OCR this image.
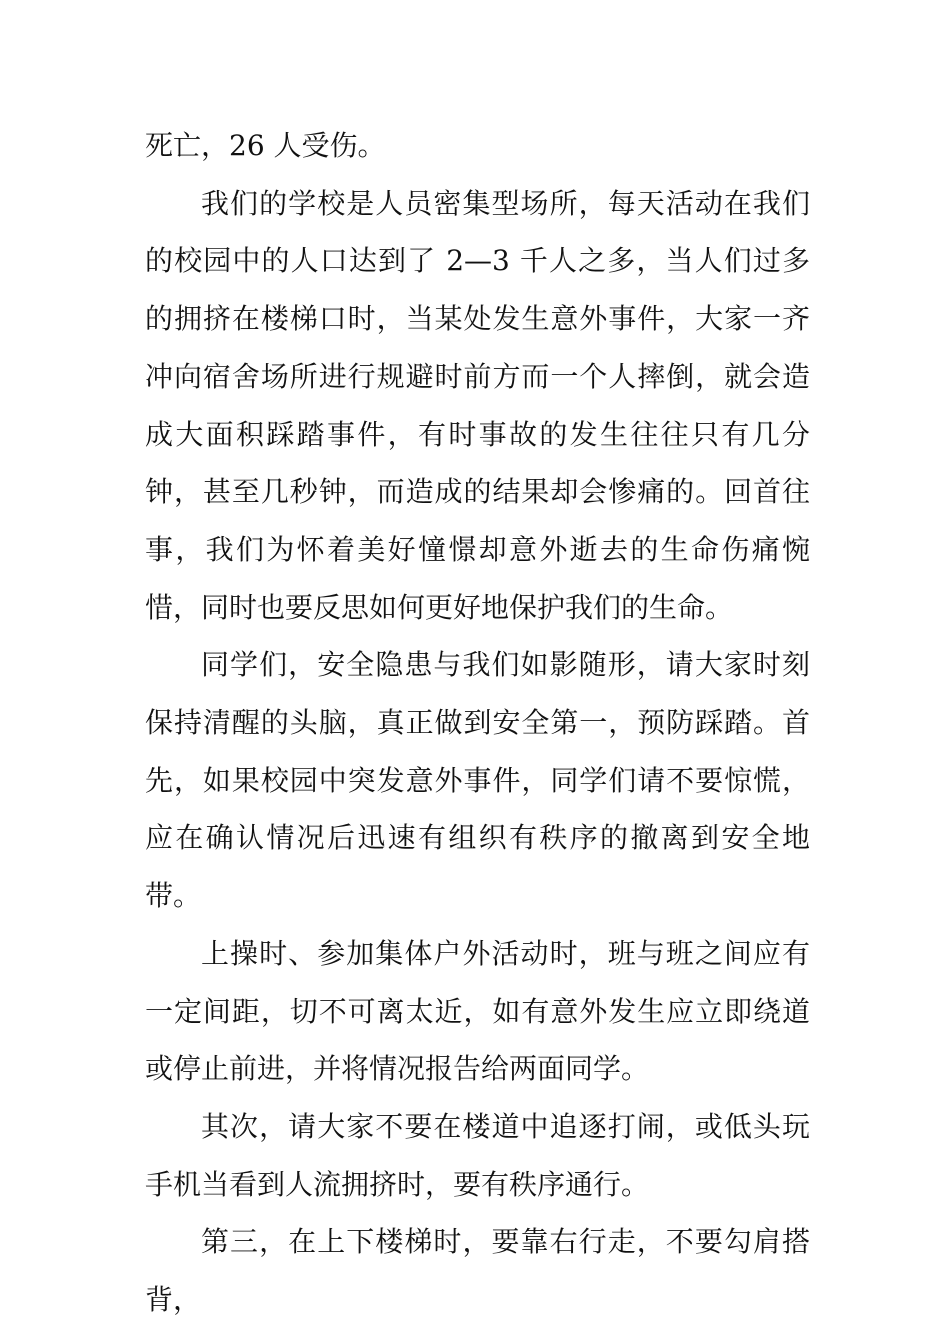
死亡，26 人受伤。

我们的学校是人员密集型场所，每天活动在我们的校园中的人口达到了 2—3 千人之多，当人们过多的拥挤在楼梯口时，当某处发生意外事件，大家一齐冲向宿舍场所进行规避时前方而一个人摔倒，就会造成大面积踩踏事件，有时事故的发生往往只有几分钟，甚至几秒钟，而造成的结果却会惨痛的。回首往事，我们为怀着美好憧憬却意外逝去的生命伤痛惋惜，同时也要反思如何更好地保护我们的生命。

同学们，安全隐患与我们如影随形，请大家时刻保持清醒的头脑，真正做到安全第一，预防踩踏。首先，如果校园中突发意外事件，同学们请不要惊慌，应在确认情况后迅速有组织有秩序的撤离到安全地带。

上操时、参加集体户外活动时，班与班之间应有一定间距，切不可离太近，如有意外发生应立即绕道或停止前进，并将情况报告给两面同学。

其次，请大家不要在楼道中追逐打闹，或低头玩手机当看到人流拥挤时，要有秩序通行。

第三，在上下楼梯时，要靠右行走，不要勾肩搭背，
